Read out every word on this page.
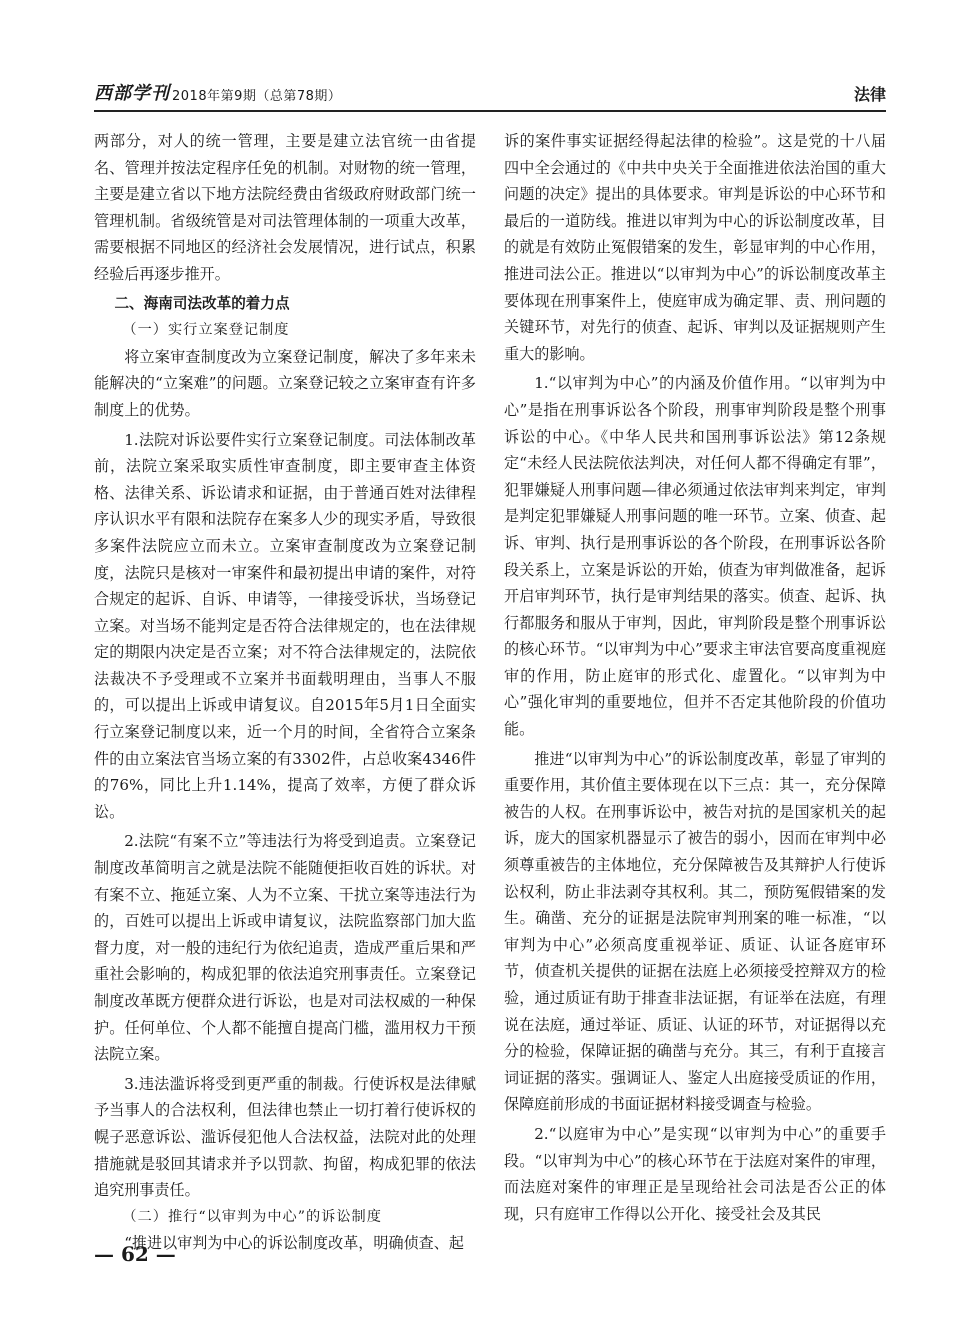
西部学刊 2018年第9期（总第78期）	法律

两部分，对人的统一管理，主要是建立法官统一由省提名、管理并按法定程序任免的机制。对财物的统一管理，主要是建立省以下地方法院经费由省级政府财政部门统一管理机制。省级统管是对司法管理体制的一项重大改革，需要根据不同地区的经济社会发展情况，进行试点，积累经验后再逐步推开。

二、海南司法改革的着力点

（一）实行立案登记制度

将立案审查制度改为立案登记制度，解决了多年来未能解决的“立案难”的问题。立案登记较之立案审查有许多制度上的优势。

1.法院对诉讼要件实行立案登记制度。司法体制改革前，法院立案采取实质性审查制度，即主要审查主体资格、法律关系、诉讼请求和证据，由于普通百姓对法律程序认识水平有限和法院存在案多人少的现实矛盾，导致很多案件法院应立而未立。立案审查制度改为立案登记制度，法院只是核对一审案件和最初提出申请的案件，对符合规定的起诉、自诉、申请等，一律接受诉状，当场登记立案。对当场不能判定是否符合法律规定的，也在法律规定的期限内决定是否立案；对不符合法律规定的，法院依法裁决不予受理或不立案并书面载明理由，当事人不服的，可以提出上诉或申请复议。自2015年5月1日全面实行立案登记制度以来，近一个月的时间，全省符合立案条件的由立案法官当场立案的有3302件，占总收案4346件的76%，同比上升1.14%，提高了效率，方便了群众诉讼。

2.法院“有案不立”等违法行为将受到追责。立案登记制度改革简明言之就是法院不能随便拒收百姓的诉状。对有案不立、拖延立案、人为不立案、干扰立案等违法行为的，百姓可以提出上诉或申请复议，法院监察部门加大监督力度，对一般的违纪行为依纪追责，造成严重后果和严重社会影响的，构成犯罪的依法追究刑事责任。立案登记制度改革既方便群众进行诉讼，也是对司法权威的一种保护。任何单位、个人都不能擅自提高门槛，滥用权力干预法院立案。

3.违法滥诉将受到更严重的制裁。行使诉权是法律赋予当事人的合法权利，但法律也禁止一切打着行使诉权的幌子恶意诉讼、滥诉侵犯他人合法权益，法院对此的处理措施就是驳回其请求并予以罚款、拘留，构成犯罪的依法追究刑事责任。

（二）推行“以审判为中心”的诉讼制度

“推进以审判为中心的诉讼制度改革，明确侦查、起

诉的案件事实证据经得起法律的检验”。这是党的十八届四中全会通过的《中共中央关于全面推进依法治国的重大问题的决定》提出的具体要求。审判是诉讼的中心环节和最后的一道防线。推进以审判为中心的诉讼制度改革，目的就是有效防止冤假错案的发生，彰显审判的中心作用，推进司法公正。推进以“以审判为中心”的诉讼制度改革主要体现在刑事案件上，使庭审成为确定罪、责、刑问题的关键环节，对先行的侦查、起诉、审判以及证据规则产生重大的影响。

1.“以审判为中心”的内涵及价值作用。“以审判为中心”是指在刑事诉讼各个阶段，刑事审判阶段是整个刑事诉讼的中心。《中华人民共和国刑事诉讼法》第12条规定“未经人民法院依法判决，对任何人都不得确定有罪”，犯罪嫌疑人刑事问题—律必须通过依法审判来判定，审判是判定犯罪嫌疑人刑事问题的唯一环节。立案、侦查、起诉、审判、执行是刑事诉讼的各个阶段，在刑事诉讼各阶段关系上，立案是诉讼的开始，侦查为审判做准备，起诉开启审判环节，执行是审判结果的落实。侦查、起诉、执行都服务和服从于审判，因此，审判阶段是整个刑事诉讼的核心环节。“以审判为中心”要求主审法官要高度重视庭审的作用，防止庭审的形式化、虚置化。“以审判为中心”强化审判的重要地位，但并不否定其他阶段的价值功能。

推进“以审判为中心”的诉讼制度改革，彰显了审判的重要作用，其价值主要体现在以下三点：其一，充分保障被告的人权。在刑事诉讼中，被告对抗的是国家机关的起诉，庞大的国家机器显示了被告的弱小，因而在审判中必须尊重被告的主体地位，充分保障被告及其辩护人行使诉讼权利，防止非法剥夺其权利。其二，预防冤假错案的发生。确凿、充分的证据是法院审判刑案的唯一标准，“以审判为中心”必须高度重视举证、质证、认证各庭审环节，侦查机关提供的证据在法庭上必须接受控辩双方的检验，通过质证有助于排查非法证据，有证举在法庭，有理说在法庭，通过举证、质证、认证的环节，对证据得以充分的检验，保障证据的确凿与充分。其三，有利于直接言词证据的落实。强调证人、鉴定人出庭接受质证的作用，保障庭前形成的书面证据材料接受调查与检验。

2.“以庭审为中心”是实现“以审判为中心”的重要手段。“以审判为中心”的核心环节在于法庭对案件的审理，而法庭对案件的审理正是呈现给社会司法是否公正的体现，只有庭审工作得以公开化、接受社会及其民

— 62 —
